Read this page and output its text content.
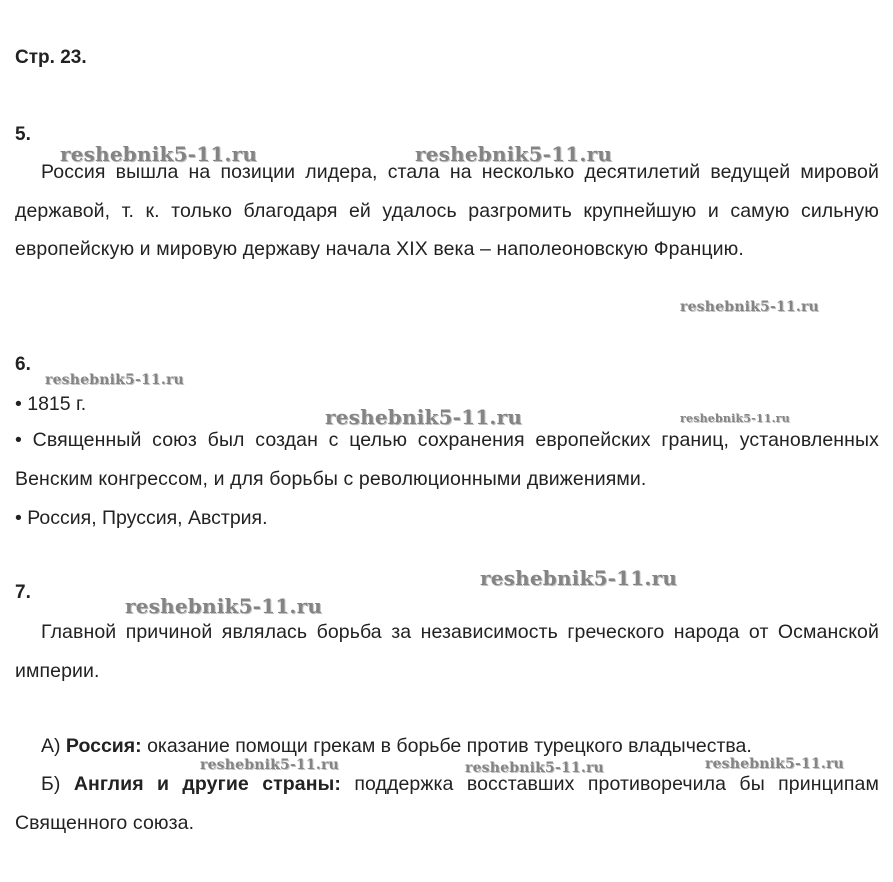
Стр. 23.
5.
Россия вышла на позиции лидера, стала на несколько десятилетий ведущей мировой державой, т. к. только благодаря ей удалось разгромить крупнейшую и самую сильную европейскую и мировую державу начала XIX века – наполеоновскую Францию.
6.
• 1815 г.
• Священный союз был создан с целью сохранения европейских границ, установленных Венским конгрессом, и для борьбы с революционными движениями.
• Россия, Пруссия, Австрия.
7.
Главной причиной являлась борьба за независимость греческого народа от Османской империи.
А) Россия: оказание помощи грекам в борьбе против турецкого владычества.
Б) Англия и другие страны: поддержка восставших противоречила бы принципам Священного союза.
reshebnik5-11.ru	reshebnik5-11.ru
reshebnik5-11.ru
reshebnik5-11.ru
reshebnik5-11.ru	reshebnik5-11.ru
reshebnik5-11.ru
reshebnik5-11.ru
reshebnik5-11.ru	reshebnik5-11.ru	reshebnik5-11.ru
